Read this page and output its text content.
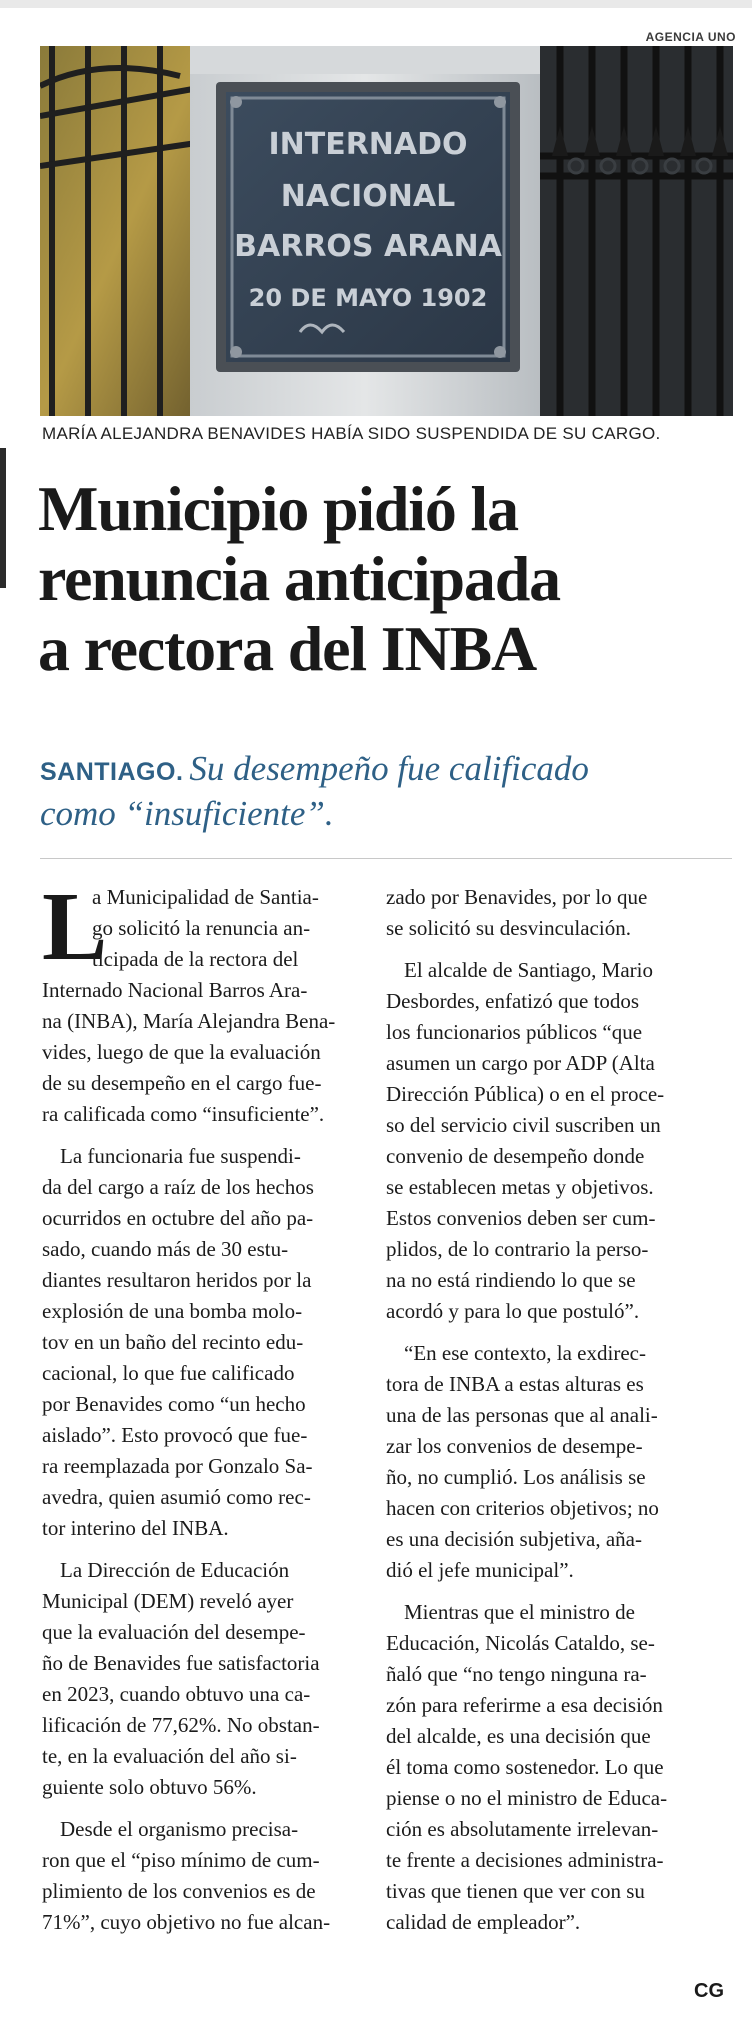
AGENCIA UNO
INTERNADO
NACIONAL
BARROS ARANA
20 DE MAYO 1902
MARÍA ALEJANDRA BENAVIDES HABÍA SIDO SUSPENDIDA DE SU CARGO.
Municipio pidió la
renuncia anticipada
a rectora del INBA
SANTIAGO. Su desempeño fue calificado
como “insuficiente”.
L
a Municipalidad de Santia-
go solicitó la renuncia an-
ticipada de la rectora del
Internado Nacional Barros Ara-
na (INBA), María Alejandra Bena-
vides, luego de que la evaluación
de su desempeño en el cargo fue-
ra calificada como “insuficiente”.
La funcionaria fue suspendi-
da del cargo a raíz de los hechos
ocurridos en octubre del año pa-
sado, cuando más de 30 estu-
diantes resultaron heridos por la
explosión de una bomba molo-
tov en un baño del recinto edu-
cacional, lo que fue calificado
por Benavides como “un hecho
aislado”. Esto provocó que fue-
ra reemplazada por Gonzalo Sa-
avedra, quien asumió como rec-
tor interino del INBA.
La Dirección de Educación
Municipal (DEM) reveló ayer
que la evaluación del desempe-
ño de Benavides fue satisfactoria
en 2023, cuando obtuvo una ca-
lificación de 77,62%. No obstan-
te, en la evaluación del año si-
guiente solo obtuvo 56%.
Desde el organismo precisa-
ron que el “piso mínimo de cum-
plimiento de los convenios es de
71%”, cuyo objetivo no fue alcan-
zado por Benavides, por lo que
se solicitó su desvinculación.
El alcalde de Santiago, Mario
Desbordes, enfatizó que todos
los funcionarios públicos “que
asumen un cargo por ADP (Alta
Dirección Pública) o en el proce-
so del servicio civil suscriben un
convenio de desempeño donde
se establecen metas y objetivos.
Estos convenios deben ser cum-
plidos, de lo contrario la perso-
na no está rindiendo lo que se
acordó y para lo que postuló”.
“En ese contexto, la exdirec-
tora de INBA a estas alturas es
una de las personas que al anali-
zar los convenios de desempe-
ño, no cumplió. Los análisis se
hacen con criterios objetivos; no
es una decisión subjetiva, aña-
dió el jefe municipal”.
Mientras que el ministro de
Educación, Nicolás Cataldo, se-
ñaló que “no tengo ninguna ra-
zón para referirme a esa decisión
del alcalde, es una decisión que
él toma como sostenedor. Lo que
piense o no el ministro de Educa-
ción es absolutamente irrelevan-
te frente a decisiones administra-
tivas que tienen que ver con su
calidad de empleador”.
CG
